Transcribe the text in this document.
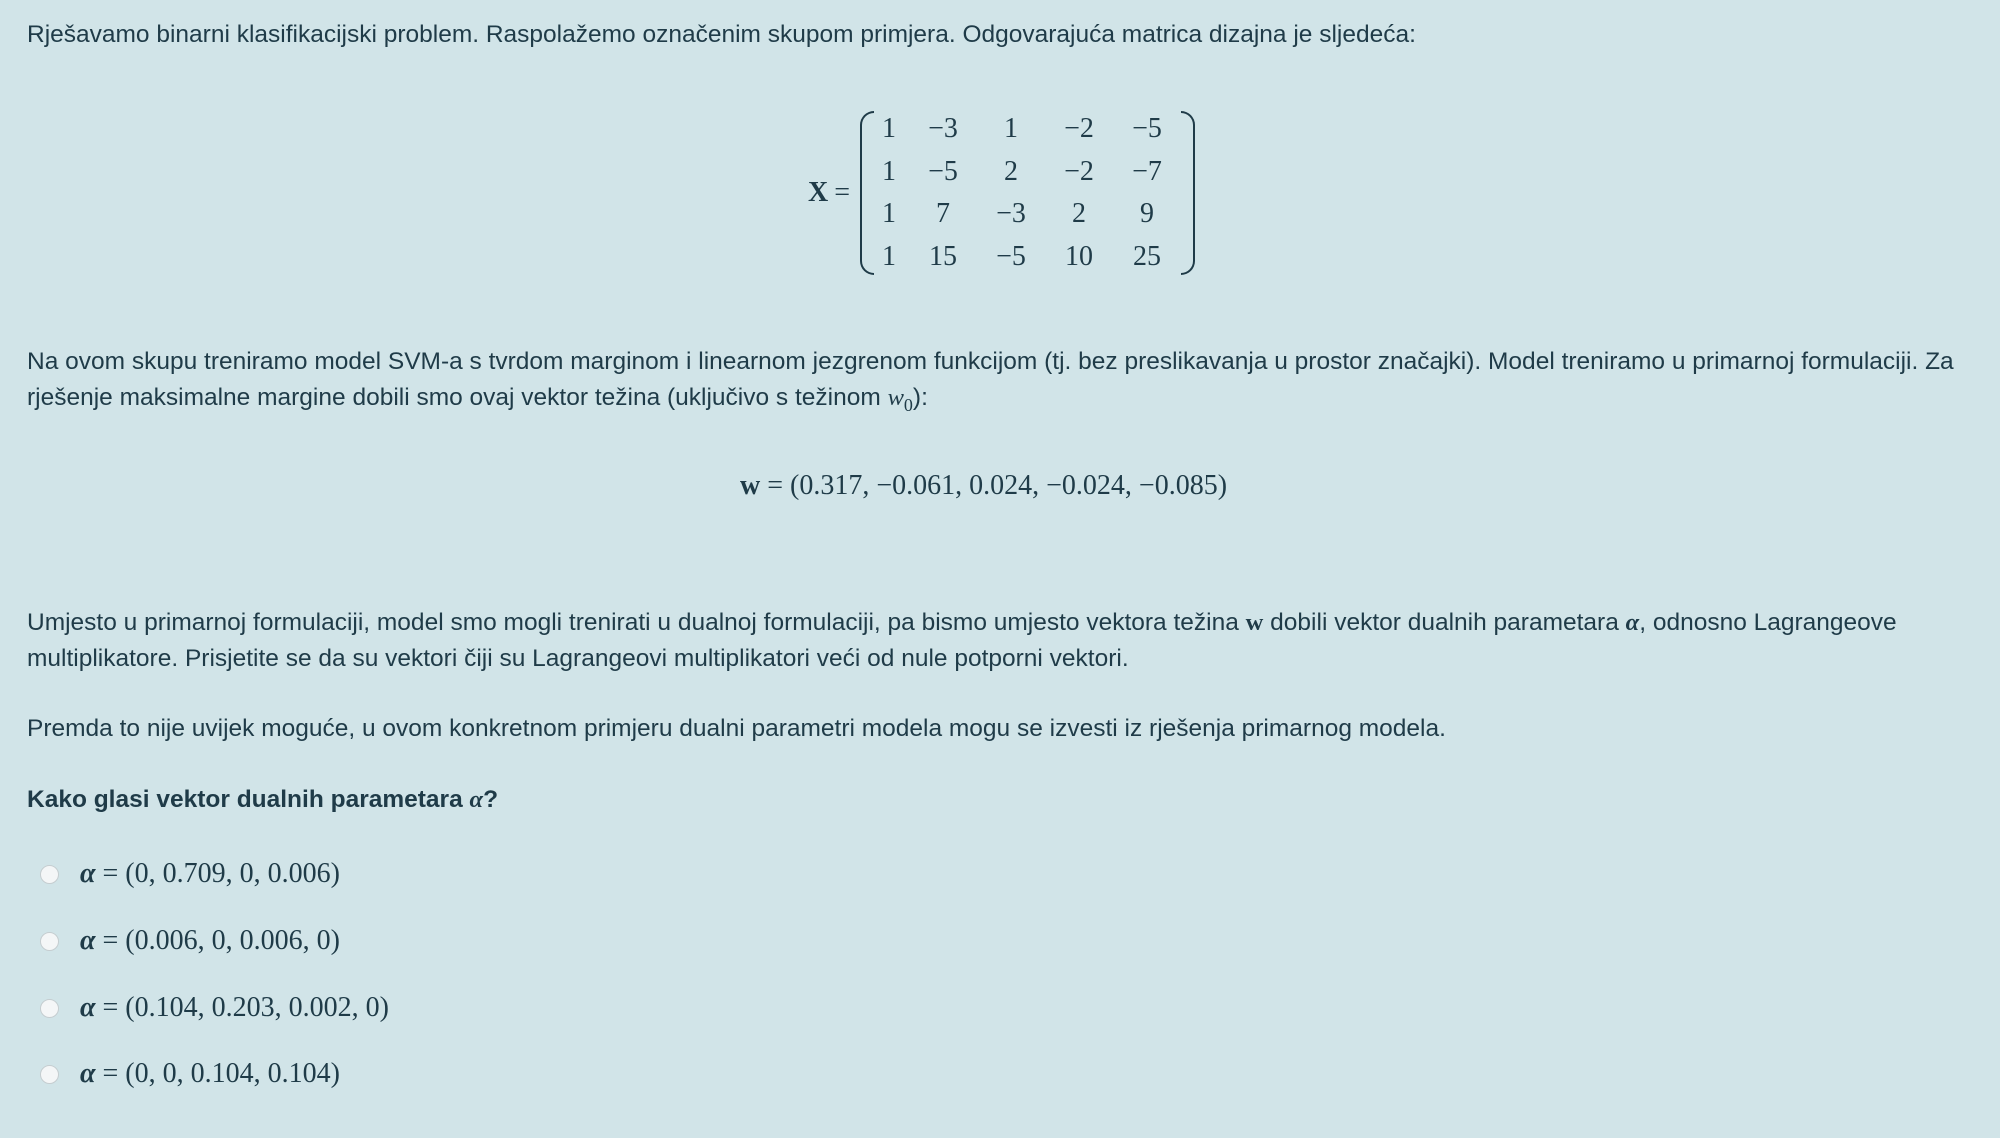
Rješavamo binarni klasifikacijski problem. Raspolažemo označenim skupom primjera. Odgovarajuća matrica dizajna je sljedeća:

X =
1	−3	1	−2	−5
1	−5	2	−2	−7
1	7	−3	2	9
1	15	−5	10	25

Na ovom skupu treniramo model SVM-a s tvrdom marginom i linearnom jezgrenom funkcijom (tj. bez preslikavanja u prostor značajki). Model treniramo u primarnoj formulaciji. Za rješenje maksimalne margine dobili smo ovaj vektor težina (uključivo s težinom $w_0$):

w = (0.317, −0.061, 0.024, −0.024, −0.085)

Umjesto u primarnoj formulaciji, model smo mogli trenirati u dualnoj formulaciji, pa bismo umjesto vektora težina w dobili vektor dualnih parametara α, odnosno Lagrangeove multiplikatore. Prisjetite se da su vektori čiji su Lagrangeovi multiplikatori veći od nule potporni vektori.

Premda to nije uvijek moguće, u ovom konkretnom primjeru dualni parametri modela mogu se izvesti iz rješenja primarnog modela.

Kako glasi vektor dualnih parametara α?

α = (0, 0.709, 0, 0.006)
α = (0.006, 0, 0.006, 0)
α = (0.104, 0.203, 0.002, 0)
α = (0, 0, 0.104, 0.104)
